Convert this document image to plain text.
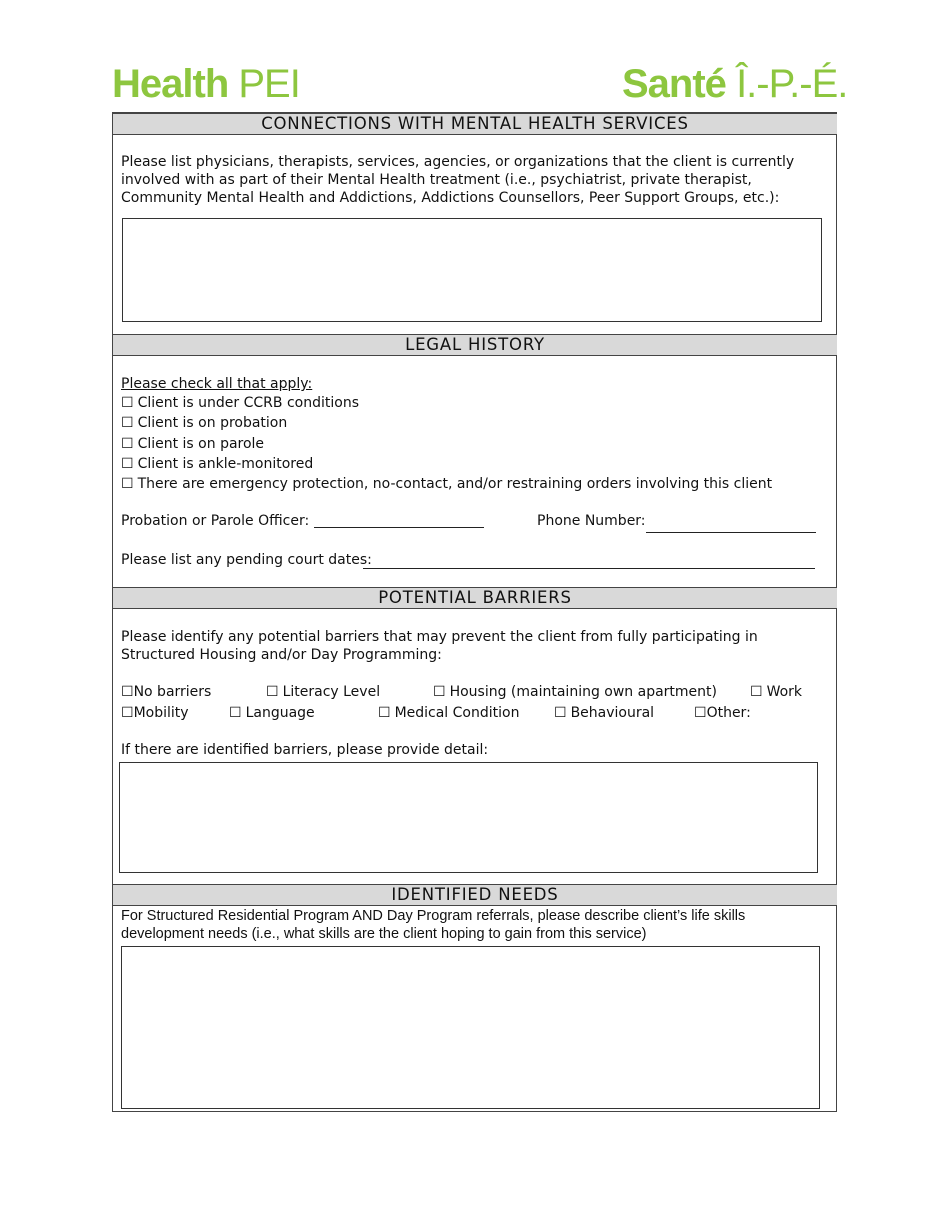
Health PEI	Santé Î.-P.-É.
CONNECTIONS WITH MENTAL HEALTH SERVICES
Please list physicians, therapists, services, agencies, or organizations that the client is currently involved with as part of their Mental Health treatment (i.e., psychiatrist, private therapist, Community Mental Health and Addictions, Addictions Counsellors, Peer Support Groups, etc.):
LEGAL HISTORY
Please check all that apply:
☐ Client is under CCRB conditions
☐ Client is on probation
☐ Client is on parole
☐ Client is ankle-monitored
☐ There are emergency protection, no-contact, and/or restraining orders involving this client
Probation or Parole Officer:	Phone Number:
Please list any pending court dates:
POTENTIAL BARRIERS
Please identify any potential barriers that may prevent the client from fully participating in Structured Housing and/or Day Programming:
☐No barriers	☐ Literacy Level	☐ Housing (maintaining own apartment) ☐ Work
☐Mobility	☐ Language	☐ Medical Condition ☐ Behavioural	☐Other:
If there are identified barriers, please provide detail:
IDENTIFIED NEEDS
For Structured Residential Program AND Day Program referrals, please describe client’s life skills development needs (i.e., what skills are the client hoping to gain from this service)
